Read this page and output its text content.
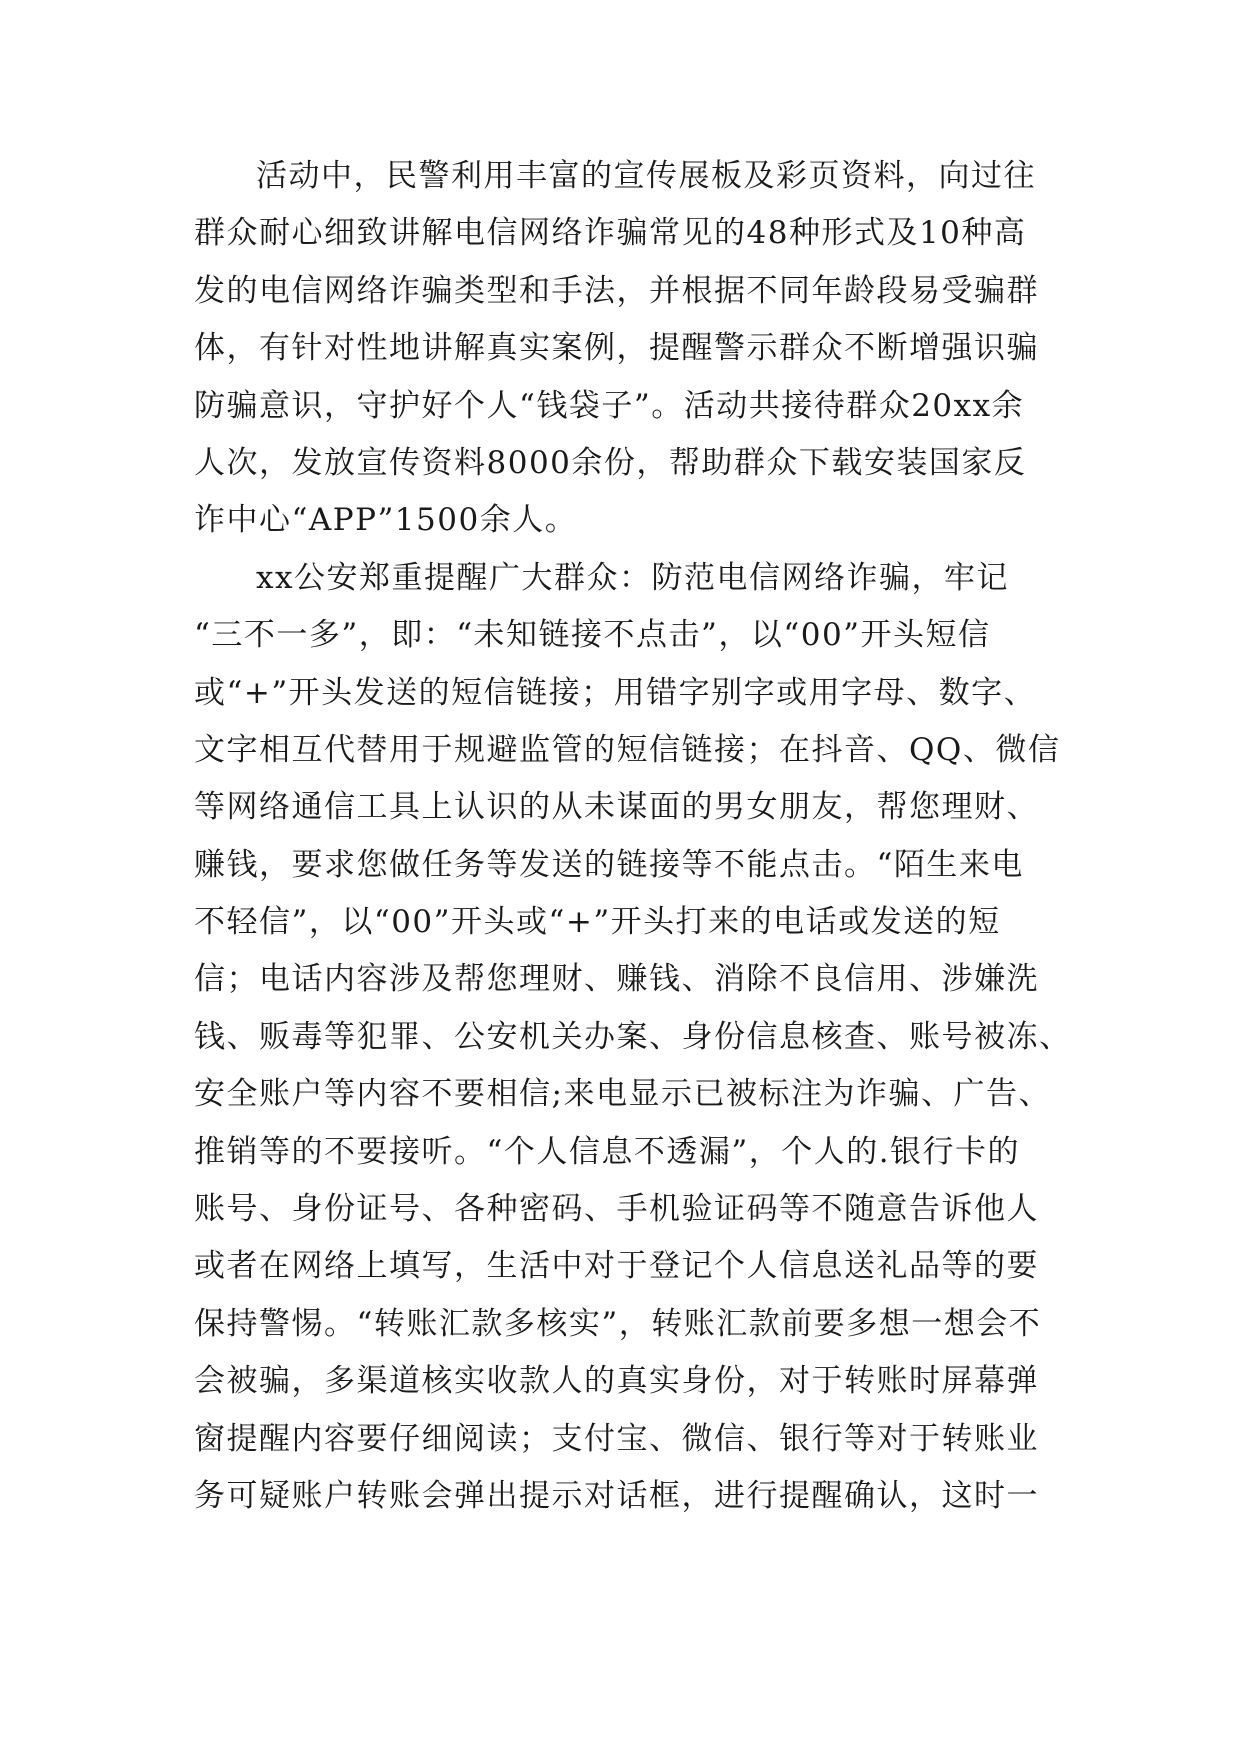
活动中，民警利用丰富的宣传展板及彩页资料，向过往
群众耐心细致讲解电信网络诈骗常见的48种形式及10种高
发的电信网络诈骗类型和手法，并根据不同年龄段易受骗群
体，有针对性地讲解真实案例，提醒警示群众不断增强识骗
防骗意识，守护好个人“钱袋子”。活动共接待群众20xx余
人次，发放宣传资料8000余份，帮助群众下载安装国家反
诈中心“APP”1500余人。
xx公安郑重提醒广大群众：防范电信网络诈骗，牢记
“三不一多”，即：“未知链接不点击”，以“00”开头短信
或“+”开头发送的短信链接；用错字别字或用字母、数字、
文字相互代替用于规避监管的短信链接；在抖音、QQ、微信
等网络通信工具上认识的从未谋面的男女朋友，帮您理财、
赚钱，要求您做任务等发送的链接等不能点击。“陌生来电
不轻信”，以“00”开头或“+”开头打来的电话或发送的短
信；电话内容涉及帮您理财、赚钱、消除不良信用、涉嫌洗
钱、贩毒等犯罪、公安机关办案、身份信息核查、账号被冻、
安全账户等内容不要相信;来电显示已被标注为诈骗、广告、
推销等的不要接听。“个人信息不透漏”，个人的.银行卡的
账号、身份证号、各种密码、手机验证码等不随意告诉他人
或者在网络上填写，生活中对于登记个人信息送礼品等的要
保持警惕。“转账汇款多核实”，转账汇款前要多想一想会不
会被骗，多渠道核实收款人的真实身份，对于转账时屏幕弹
窗提醒内容要仔细阅读；支付宝、微信、银行等对于转账业
务可疑账户转账会弹出提示对话框，进行提醒确认，这时一
